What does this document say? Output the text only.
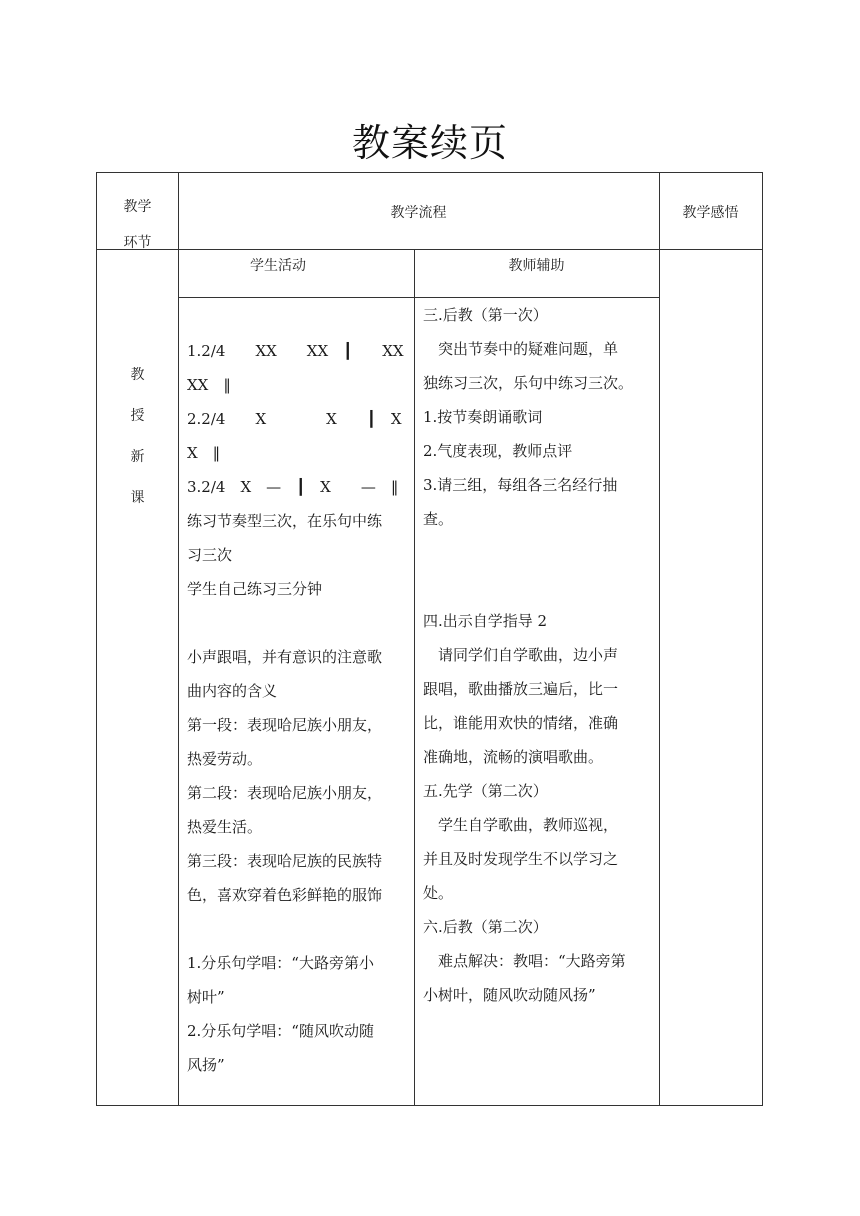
教案续页
教学
环节
教学流程	教学感悟
学生活动	教师辅助
教
授
新
课
1.2/4　　XX　　XX　┃　　XX
XX　‖
2.2/4　　X　　　　X　　┃　X
X　‖
3.2/4　X　—　┃　X　　—　‖
练习节奏型三次，在乐句中练
习三次
学生自己练习三分钟

小声跟唱，并有意识的注意歌
曲内容的含义
第一段：表现哈尼族小朋友，
热爱劳动。
第二段：表现哈尼族小朋友，
热爱生活。
第三段：表现哈尼族的民族特
色，喜欢穿着色彩鲜艳的服饰

1.分乐句学唱：“大路旁第小
树叶”
2.分乐句学唱：“随风吹动随
风扬”
三.后教（第一次）
　突出节奏中的疑难问题，单
独练习三次，乐句中练习三次。
1.按节奏朗诵歌词
2.气度表现，教师点评
3.请三组，每组各三名经行抽
查。

四.出示自学指导 2
　请同学们自学歌曲，边小声
跟唱，歌曲播放三遍后，比一
比，谁能用欢快的情绪，准确
准确地，流畅的演唱歌曲。
五.先学（第二次）
　学生自学歌曲，教师巡视，
并且及时发现学生不以学习之
处。
六.后教（第二次）
　难点解决：教唱：“大路旁第
小树叶，随风吹动随风扬”
